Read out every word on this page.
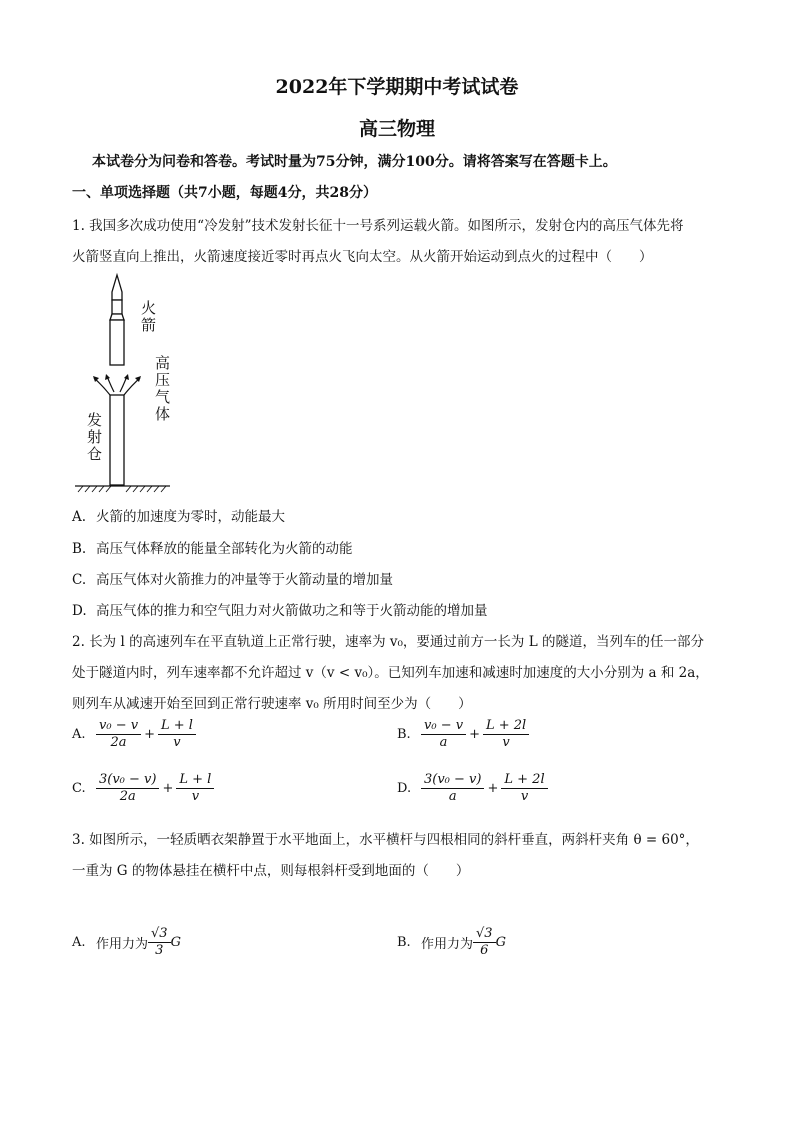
2022年下学期期中考试试卷
高三物理
本试卷分为问卷和答卷。考试时量为75分钟，满分100分。请将答案写在答题卡上。
一、单项选择题（共7小题，每题4分，共28分）
1. 我国多次成功使用“冷发射”技术发射长征十一号系列运载火箭。如图所示，发射仓内的高压气体先将
火箭竖直向上推出，火箭速度接近零时再点火飞向太空。从火箭开始运动到点火的过程中（　　）
火箭
高压气体
发射仓
A. 火箭的加速度为零时，动能最大
B. 高压气体释放的能量全部转化为火箭的动能
C. 高压气体对火箭推力的冲量等于火箭动量的增加量
D. 高压气体的推力和空气阻力对火箭做功之和等于火箭动能的增加量
2. 长为 l 的高速列车在平直轨道上正常行驶，速率为 v₀，要通过前方一长为 L 的隧道，当列车的任一部分
处于隧道内时，列车速率都不允许超过 v（v < v₀）。已知列车加速和减速时加速度的大小分别为 a 和 2a，
则列车从减速开始至回到正常行驶速率 v₀ 所用时间至少为（　　）
A. $\frac{\text{v₀ − v}}{2a} + \frac{L + l}{v}$	B. $\frac{\text{v₀ − v}}{a} + \frac{L + 2l}{v}$
C. $\frac{\text{3(v₀ − v)}}{2a} + \frac{L + l}{v}$	D. $\frac{\text{3(v₀ − v)}}{a} + \frac{L + 2l}{v}$
3. 如图所示，一轻质晒衣架静置于水平地面上，水平横杆与四根相同的斜杆垂直，两斜杆夹角 θ = 60°，
一重为 G 的物体悬挂在横杆中点，则每根斜杆受到地面的（　　）
A. 作用力为 $\frac{√3}{3}$ G	B. 作用力为 $\frac{√3}{6}$ G
